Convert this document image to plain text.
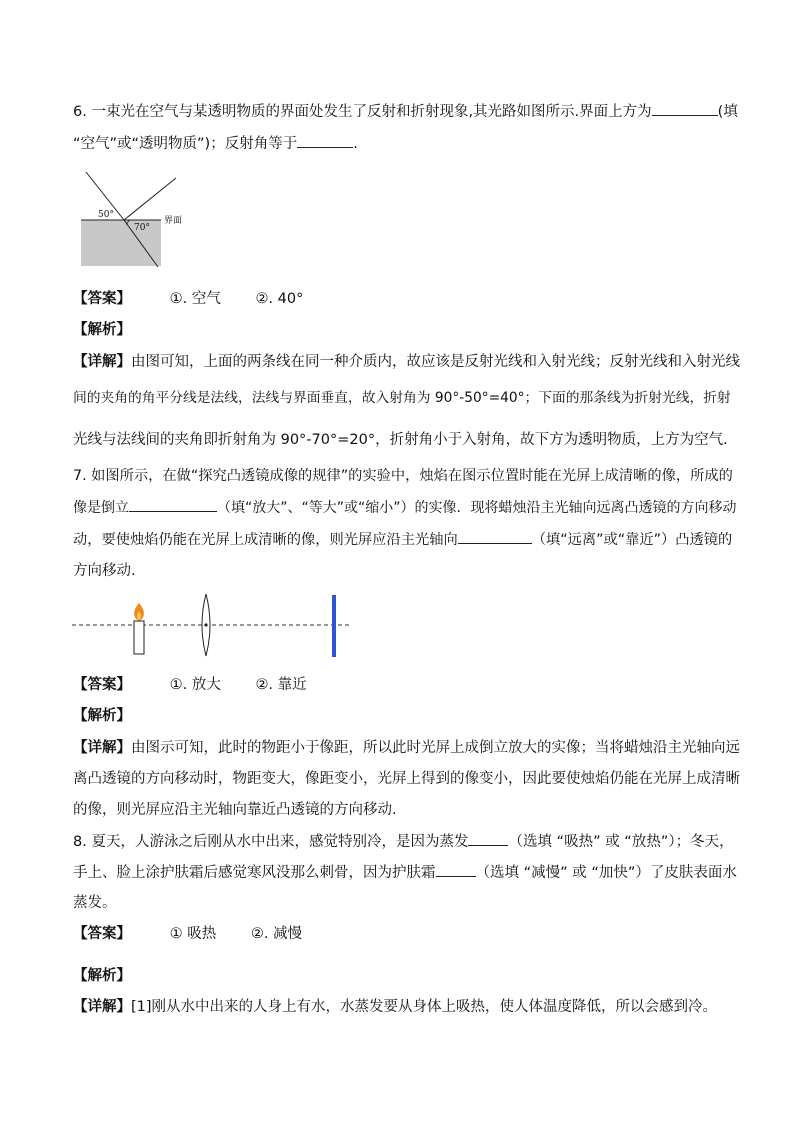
6. 一束光在空气与某透明物质的界面处发生了反射和折射现象,其光路如图所示.界面上方为	(填
“空气”或“透明物质”)；反射角等于	.
50°
70°
界面
【答案】	①. 空气 ②. 40°
【解析】
【详解】由图可知，上面的两条线在同一种介质内，故应该是反射光线和入射光线；反射光线和入射光线
间的夹角的角平分线是法线，法线与界面垂直，故入射角为 90°-50°=40°；下面的那条线为折射光线，折射
光线与法线间的夹角即折射角为 90°-70°=20°，折射角小于入射角，故下方为透明物质，上方为空气.
7. 如图所示，在做“探究凸透镜成像的规律”的实验中，烛焰在图示位置时能在光屏上成清晰的像，所成的
像是倒立	（填“放大”、“等大”或“缩小”）的实像．现将蜡烛沿主光轴向远离凸透镜的方向移动
动，要使烛焰仍能在光屏上成清晰的像，则光屏应沿主光轴向	（填“远离”或“靠近”）凸透镜的
方向移动.
【答案】	①. 放大 ②. 靠近
【解析】
【详解】由图示可知，此时的物距小于像距，所以此时光屏上成倒立放大的实像；当将蜡烛沿主光轴向远
离凸透镜的方向移动时，物距变大，像距变小，光屏上得到的像变小，因此要使烛焰仍能在光屏上成清晰
的像，则光屏应沿主光轴向靠近凸透镜的方向移动.
8. 夏天，人游泳之后刚从水中出来，感觉特别冷，是因为蒸发	（选填 “吸热” 或 “放热”）；冬天，
手上、脸上涂护肤霜后感觉寒风没那么刺骨，因为护肤霜	（选填 “减慢” 或 “加快”）了皮肤表面水
蒸发。
【答案】	① 吸热 ②. 减慢
【解析】
【详解】[1]刚从水中出来的人身上有水，水蒸发要从身体上吸热，使人体温度降低，所以会感到冷。
